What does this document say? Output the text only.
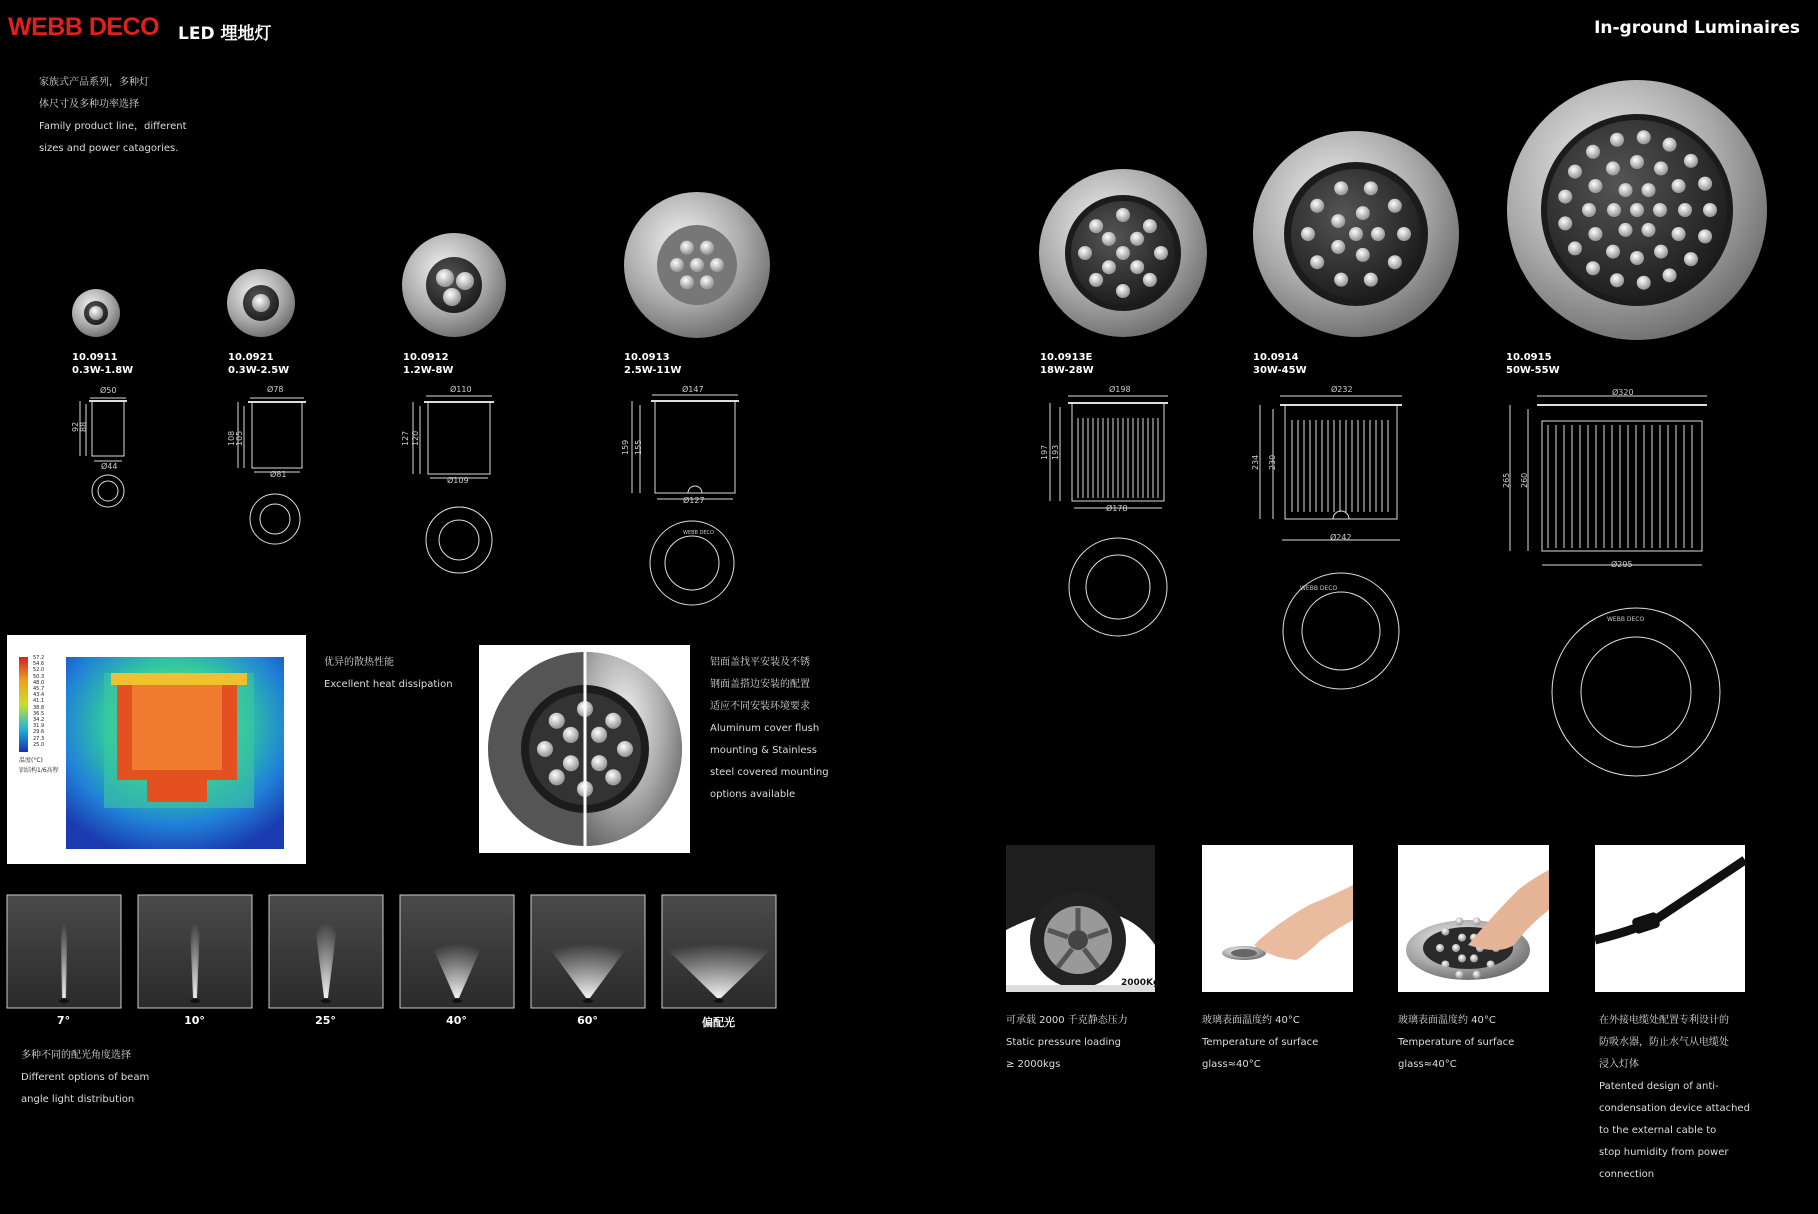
WEBB DECO LED 埋地灯	In-ground Luminaires
家族式产品系列，多种灯
体尺寸及多种功率选择
Family product line，different
sizes and power catagories.
10.0911
0.3W-1.8W
10.0921
0.3W-2.5W
10.0912
1.2W-8W
10.0913
2.5W-11W
10.0913E
18W-28W
10.0914
30W-45W
10.0915
50W-55W
Ø50
92 88
Ø44
Ø78
108 105
Ø81
Ø110
127 120
Ø109
Ø147
159 155
Ø127
Ø198
197 193
Ø178
Ø232
234 230
Ø242
Ø320
265 260
Ø295
WEBB DECO
WEBB DECO
WEBB DECO
57.2
54.6
52.0
50.3
48.0
45.7
43.4
41.1
38.8
36.5
34.2
31.9
29.6
27.3
25.0
温度(°C)
铝结构1/6高程
优异的散热性能
Excellent heat dissipation
铝面盖找平安装及不锈
钢面盖搭边安装的配置
适应不同安装环境要求
Aluminum cover flush
mounting & Stainless
steel covered mounting
options available
7°	10°	25°	40°	60°	偏配光
多种不同的配光角度选择
Different options of beam
angle light distribution
2000Kg
可承载 2000 千克静态压力
Static pressure loading
≥ 2000kgs
玻璃表面温度约 40°C
Temperature of surface
glass≈40°C
玻璃表面温度约 40°C
Temperature of surface
glass≈40°C
在外接电缆处配置专利设计的
防吸水器，防止水气从电缆处
浸入灯体
Patented design of anti-
condensation device attached
to the external cable to
stop humidity from power
connection
